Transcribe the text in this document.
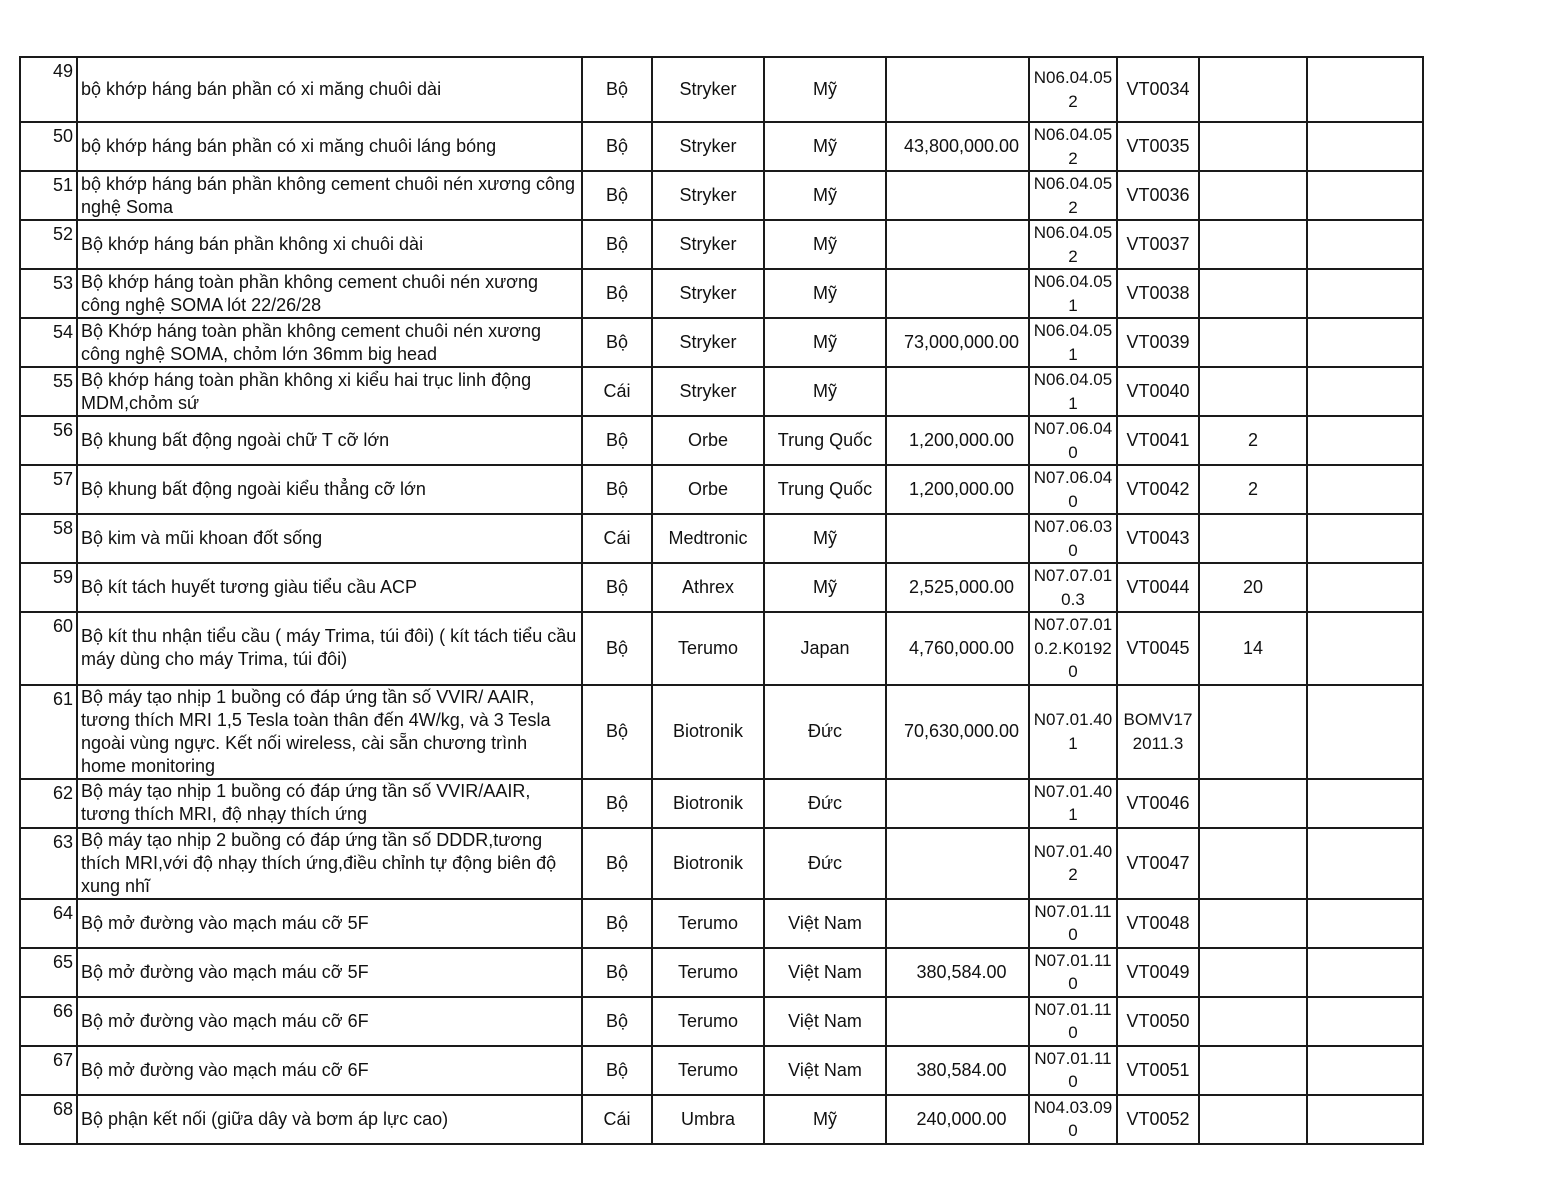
49	bộ khớp háng bán phần có xi măng chuôi dài	Bộ	Stryker	Mỹ		N06.04.052	VT0034		
50	bộ khớp háng bán phần có xi măng chuôi láng bóng	Bộ	Stryker	Mỹ	43,800,000.00	N06.04.052	VT0035		
51	bộ khớp háng bán phần không cement chuôi nén xương công nghệ Soma	Bộ	Stryker	Mỹ		N06.04.052	VT0036		
52	Bộ khớp háng bán phần không xi chuôi dài	Bộ	Stryker	Mỹ		N06.04.052	VT0037		
53	Bộ khớp háng toàn phần không cement chuôi nén xương công nghệ SOMA lót 22/26/28	Bộ	Stryker	Mỹ		N06.04.051	VT0038		
54	Bộ Khớp háng toàn phần không cement chuôi nén xương công nghệ SOMA, chỏm lớn 36mm big head	Bộ	Stryker	Mỹ	73,000,000.00	N06.04.051	VT0039		
55	Bộ khớp háng toàn phần không xi kiểu hai trục linh động MDM,chỏm sứ	Cái	Stryker	Mỹ		N06.04.051	VT0040		
56	Bộ khung bất động ngoài chữ T cỡ lớn	Bộ	Orbe	Trung Quốc	1,200,000.00	N07.06.040	VT0041	2	
57	Bộ khung bất động ngoài kiểu thẳng cỡ lớn	Bộ	Orbe	Trung Quốc	1,200,000.00	N07.06.040	VT0042	2	
58	Bộ kim và mũi khoan đốt sống	Cái	Medtronic	Mỹ		N07.06.030	VT0043		
59	Bộ kít tách huyết tương giàu tiểu cầu ACP	Bộ	Athrex	Mỹ	2,525,000.00	N07.07.010.3	VT0044	20	
60	Bộ kít thu nhận tiểu cầu ( máy Trima, túi đôi) ( kít tách tiểu cầu máy dùng cho máy Trima, túi đôi)	Bộ	Terumo	Japan	4,760,000.00	N07.07.010.2.K01920	VT0045	14	
61	Bộ máy tạo nhịp 1 buồng có đáp ứng tần số VVIR/ AAIR, tương thích MRI 1,5 Tesla toàn thân đến 4W/kg, và 3 Tesla ngoài vùng ngực. Kết nối wireless, cài sẵn chương trình home monitoring	Bộ	Biotronik	Đức	70,630,000.00	N07.01.401	BOMV172011.3		
62	Bộ máy tạo nhịp 1 buồng có đáp ứng tần số VVIR/AAIR, tương thích MRI, độ nhạy thích ứng	Bộ	Biotronik	Đức		N07.01.401	VT0046		
63	Bộ máy tạo nhịp 2 buồng có đáp ứng tần số DDDR,tương thích MRI,với độ nhạy thích ứng,điều chỉnh tự động biên độ xung nhĩ	Bộ	Biotronik	Đức		N07.01.402	VT0047		
64	Bộ mở đường vào mạch máu cỡ 5F	Bộ	Terumo	Việt Nam		N07.01.110	VT0048		
65	Bộ mở đường vào mạch máu cỡ 5F	Bộ	Terumo	Việt Nam	380,584.00	N07.01.110	VT0049		
66	Bộ mở đường vào mạch máu cỡ 6F	Bộ	Terumo	Việt Nam		N07.01.110	VT0050		
67	Bộ mở đường vào mạch máu cỡ 6F	Bộ	Terumo	Việt Nam	380,584.00	N07.01.110	VT0051		
68	Bộ phận kết nối (giữa dây và bơm áp lực cao)	Cái	Umbra	Mỹ	240,000.00	N04.03.090	VT0052		
